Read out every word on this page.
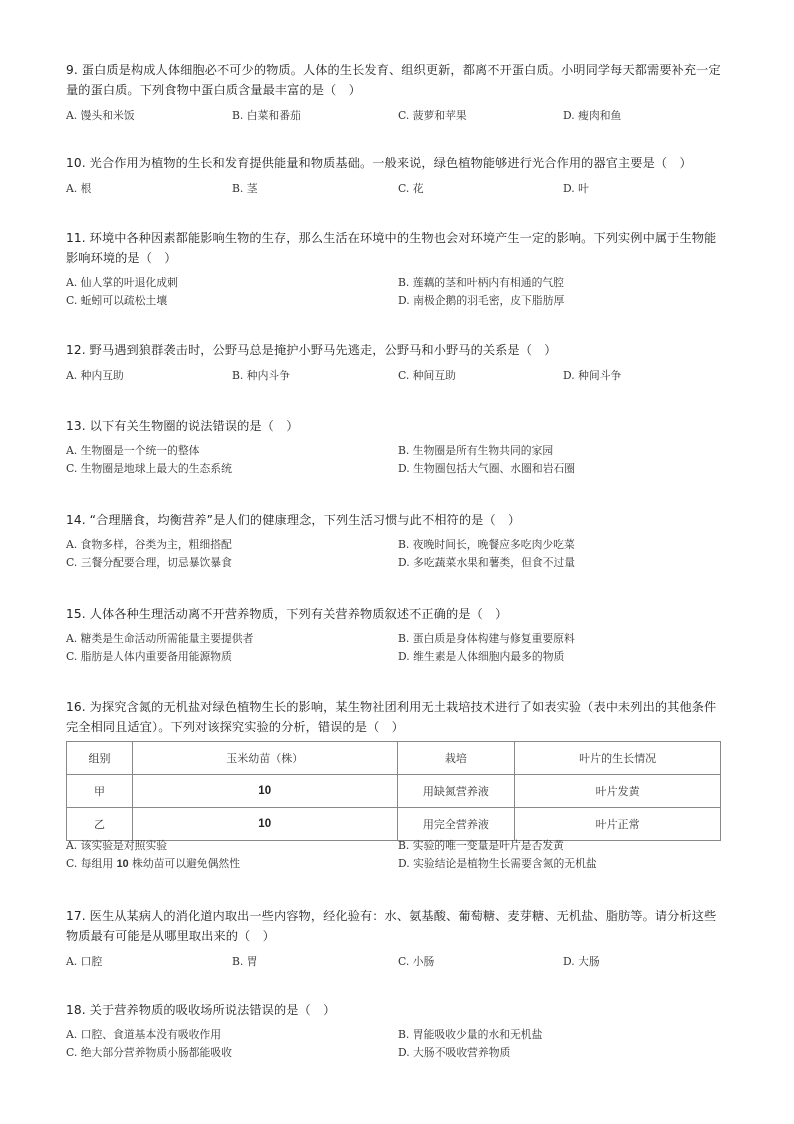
9. 蛋白质是构成人体细胞必不可少的物质。人体的生长发育、组织更新，都离不开蛋白质。小明同学每天都需要补充一定量的蛋白质。下列食物中蛋白质含量最丰富的是（　）

A. 馒头和米饭	B. 白菜和番茄	C. 菠萝和苹果	D. 瘦肉和鱼

10. 光合作用为植物的生长和发育提供能量和物质基础。一般来说，绿色植物能够进行光合作用的器官主要是（　）

A. 根	B. 茎	C. 花	D. 叶

11. 环境中各种因素都能影响生物的生存，那么生活在环境中的生物也会对环境产生一定的影响。下列实例中属于生物能影响环境的是（　）

A. 仙人掌的叶退化成刺	B. 莲藕的茎和叶柄内有相通的气腔
C. 蚯蚓可以疏松土壤	D. 南极企鹅的羽毛密，皮下脂肪厚

12. 野马遇到狼群袭击时，公野马总是掩护小野马先逃走，公野马和小野马的关系是（　）

A. 种内互助	B. 种内斗争	C. 种间互助	D. 种间斗争

13. 以下有关生物圈的说法错误的是（　）

A. 生物圈是一个统一的整体	B. 生物圈是所有生物共同的家园
C. 生物圈是地球上最大的生态系统	D. 生物圈包括大气圈、水圈和岩石圈

14. “合理膳食，均衡营养”是人们的健康理念，下列生活习惯与此不相符的是（　）

A. 食物多样，谷类为主，粗细搭配	B. 夜晚时间长，晚餐应多吃肉少吃菜
C. 三餐分配要合理，切忌暴饮暴食	D. 多吃蔬菜水果和薯类，但食不过量

15. 人体各种生理活动离不开营养物质，下列有关营养物质叙述不正确的是（　）

A. 糖类是生命活动所需能量主要提供者	B. 蛋白质是身体构建与修复重要原料
C. 脂肪是人体内重要备用能源物质	D. 维生素是人体细胞内最多的物质

16. 为探究含氮的无机盐对绿色植物生长的影响，某生物社团利用无土栽培技术进行了如表实验（表中未列出的其他条件完全相同且适宜）。下列对该探究实验的分析，错误的是（　）

组别	玉米幼苗（株）	栽培	叶片的生长情况
甲	10	用缺氮营养液	叶片发黄
乙	10	用完全营养液	叶片正常
A. 该实验是对照实验	B. 实验的唯一变量是叶片是否发黄
C. 每组用 10 株幼苗可以避免偶然性	D. 实验结论是植物生长需要含氮的无机盐

17. 医生从某病人的消化道内取出一些内容物，经化验有：水、氨基酸、葡萄糖、麦芽糖、无机盐、脂肪等。请分析这些物质最有可能是从哪里取出来的（　）

A. 口腔	B. 胃	C. 小肠	D. 大肠

18. 关于营养物质的吸收场所说法错误的是（　）

A. 口腔、食道基本没有吸收作用	B. 胃能吸收少量的水和无机盐
C. 绝大部分营养物质小肠都能吸收	D. 大肠不吸收营养物质
